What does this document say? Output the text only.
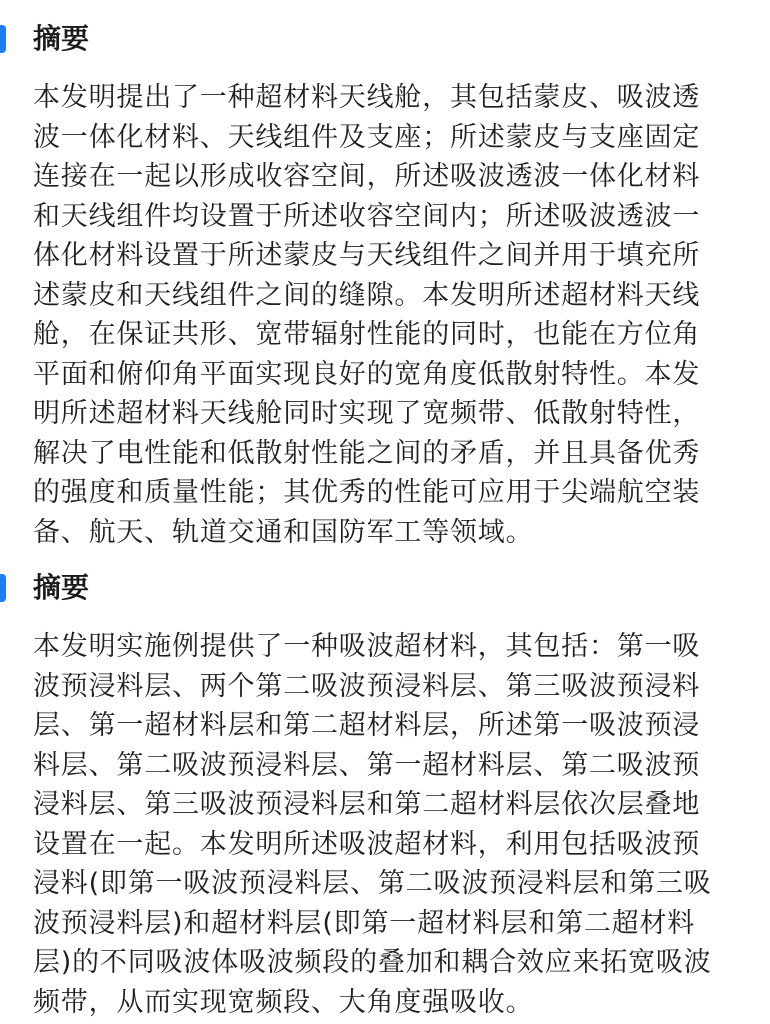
摘要
本发明提出了一种超材料天线舱，其包括蒙皮、吸波透
波一体化材料、天线组件及支座；所述蒙皮与支座固定
连接在一起以形成收容空间，所述吸波透波一体化材料
和天线组件均设置于所述收容空间内；所述吸波透波一
体化材料设置于所述蒙皮与天线组件之间并用于填充所
述蒙皮和天线组件之间的缝隙。本发明所述超材料天线
舱，在保证共形、宽带辐射性能的同时，也能在方位角
平面和俯仰角平面实现良好的宽角度低散射特性。本发
明所述超材料天线舱同时实现了宽频带、低散射特性，
解决了电性能和低散射性能之间的矛盾，并且具备优秀
的强度和质量性能；其优秀的性能可应用于尖端航空装
备、航天、轨道交通和国防军工等领域。
摘要
本发明实施例提供了一种吸波超材料，其包括：第一吸
波预浸料层、两个第二吸波预浸料层、第三吸波预浸料
层、第一超材料层和第二超材料层，所述第一吸波预浸
料层、第二吸波预浸料层、第一超材料层、第二吸波预
浸料层、第三吸波预浸料层和第二超材料层依次层叠地
设置在一起。本发明所述吸波超材料，利用包括吸波预
浸料(即第一吸波预浸料层、第二吸波预浸料层和第三吸
波预浸料层)和超材料层(即第一超材料层和第二超材料
层)的不同吸波体吸波频段的叠加和耦合效应来拓宽吸波
频带，从而实现宽频段、大角度强吸收。
